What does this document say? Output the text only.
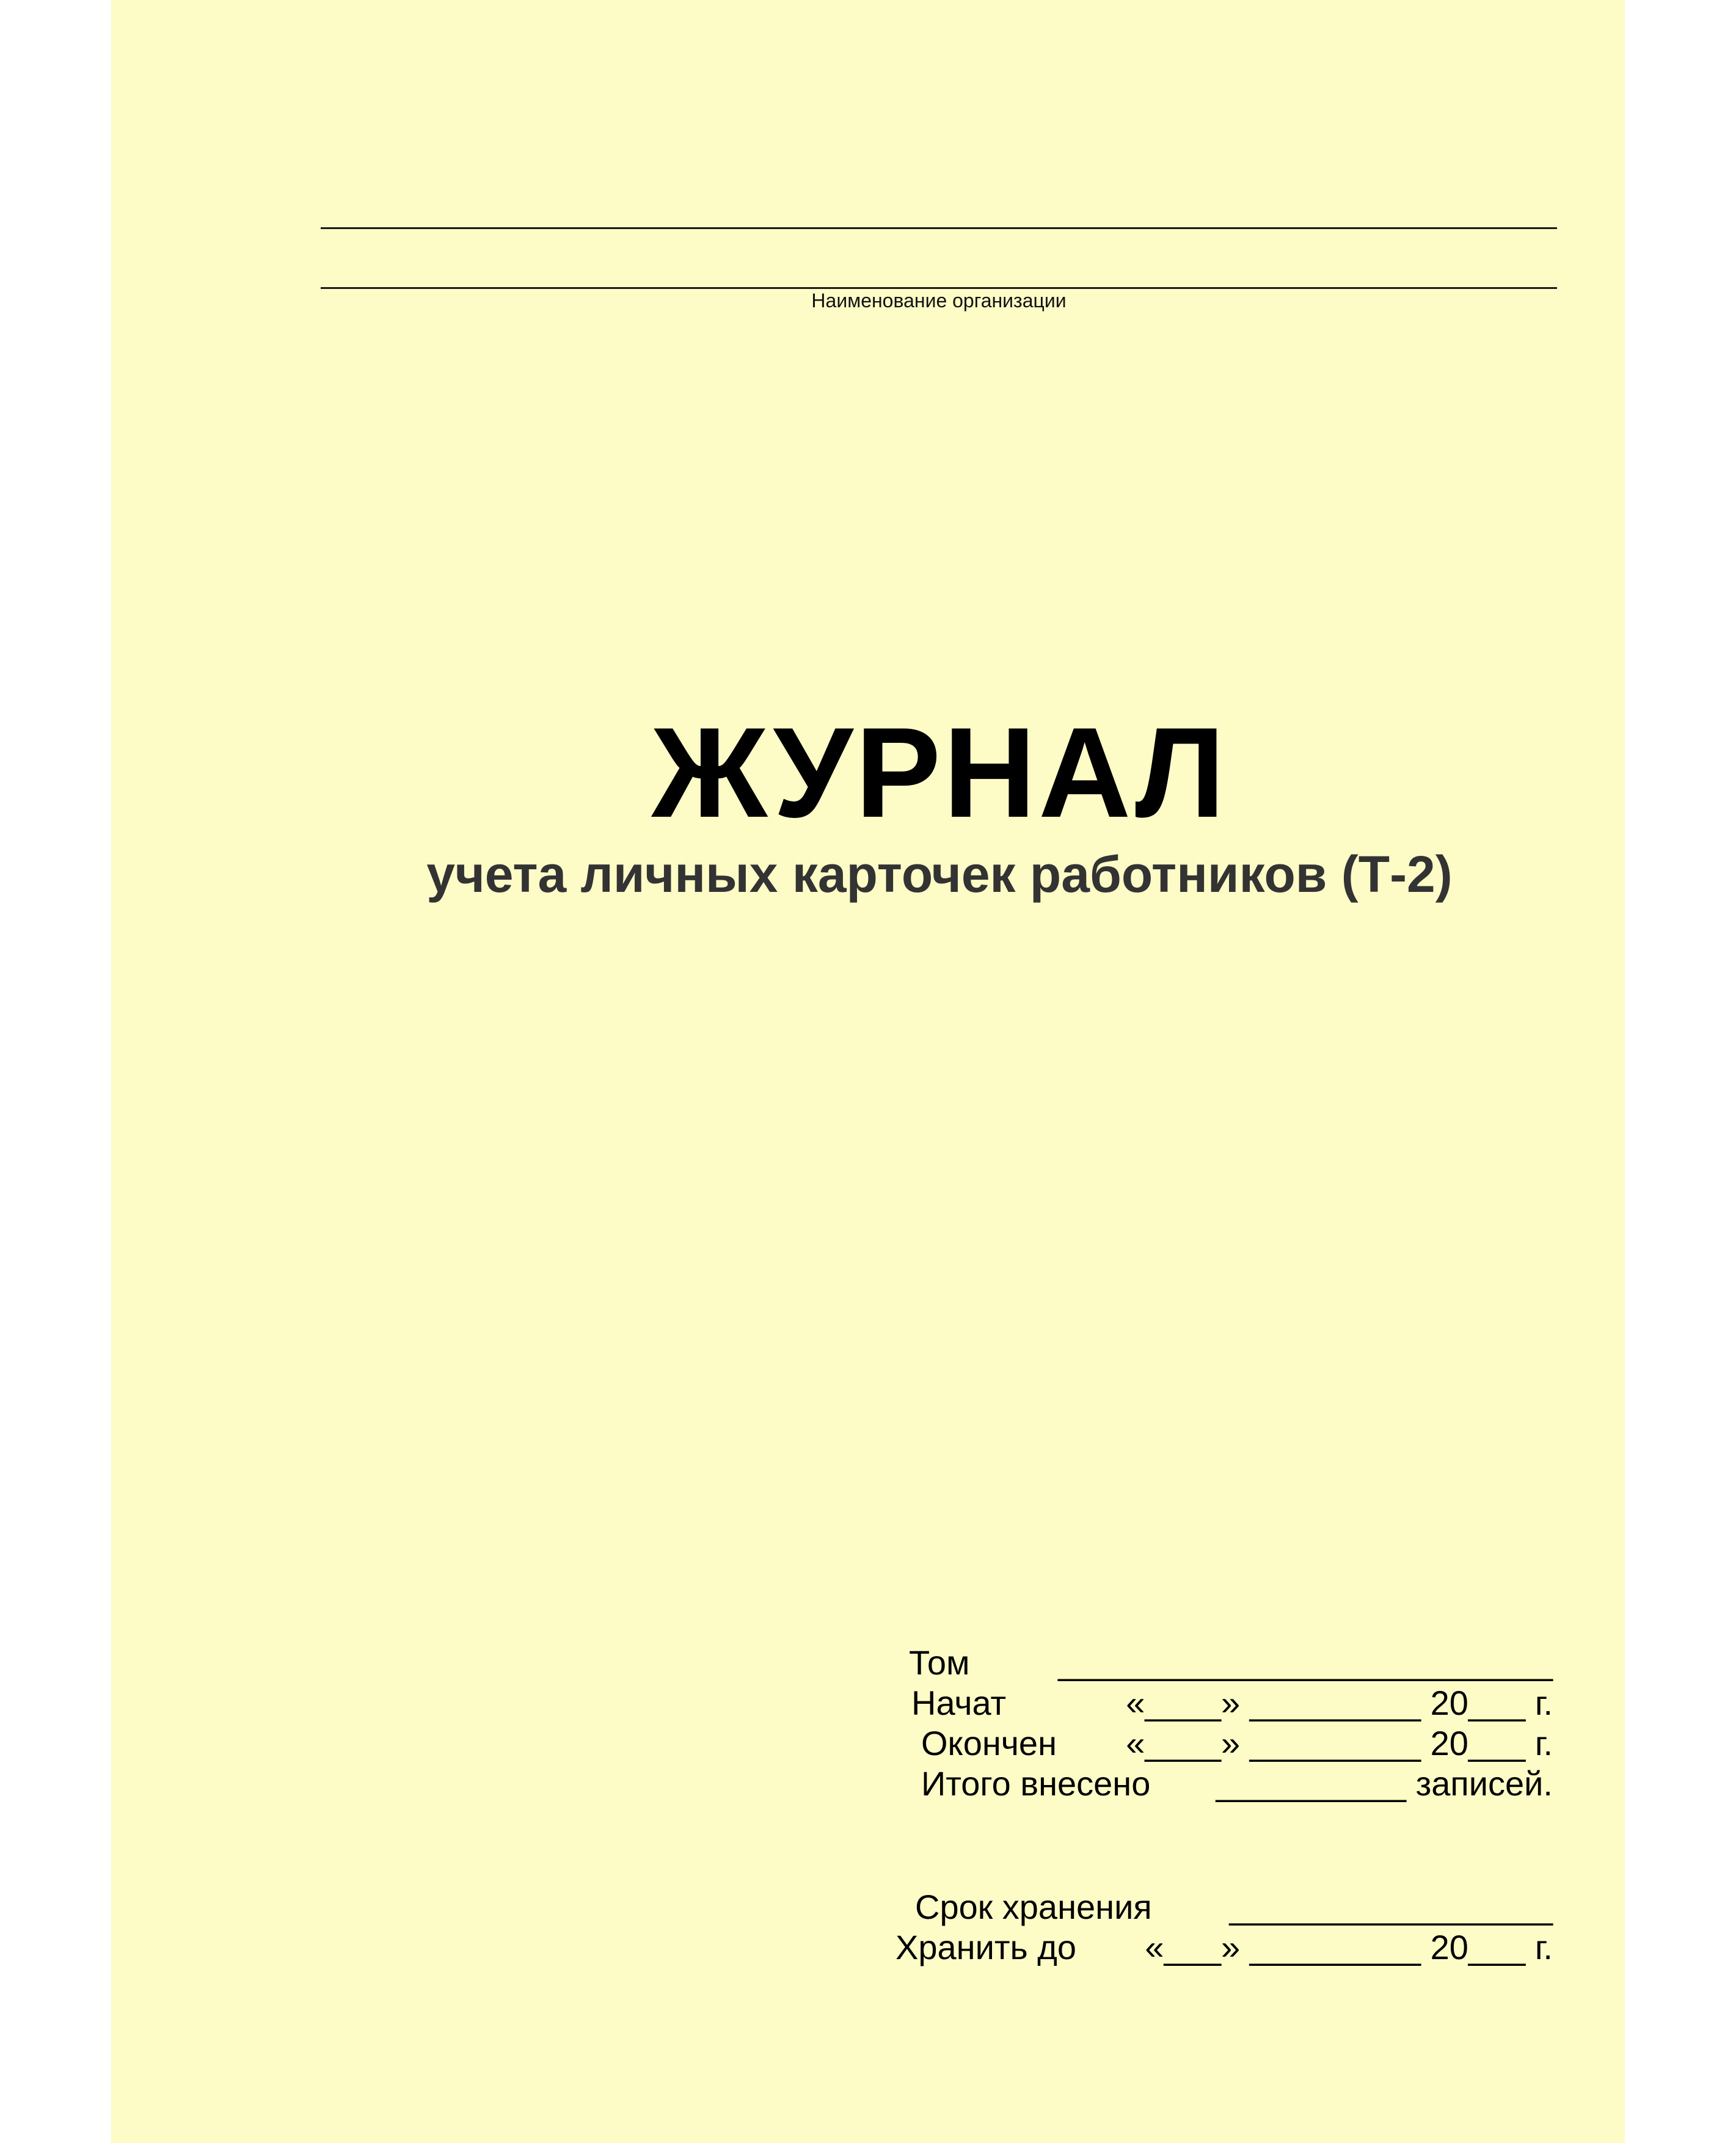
Наименование организации
ЖУРНАЛ
учета личных карточек работников (Т-2)

Том

	__________________________

Начат

	«____» _________ 20___ г.

Окончен

«____» _________ 20___ г.

Итого внесено

__________ записей.

Срок хранения

_________________

Хранить до

«___» _________ 20___ г.
